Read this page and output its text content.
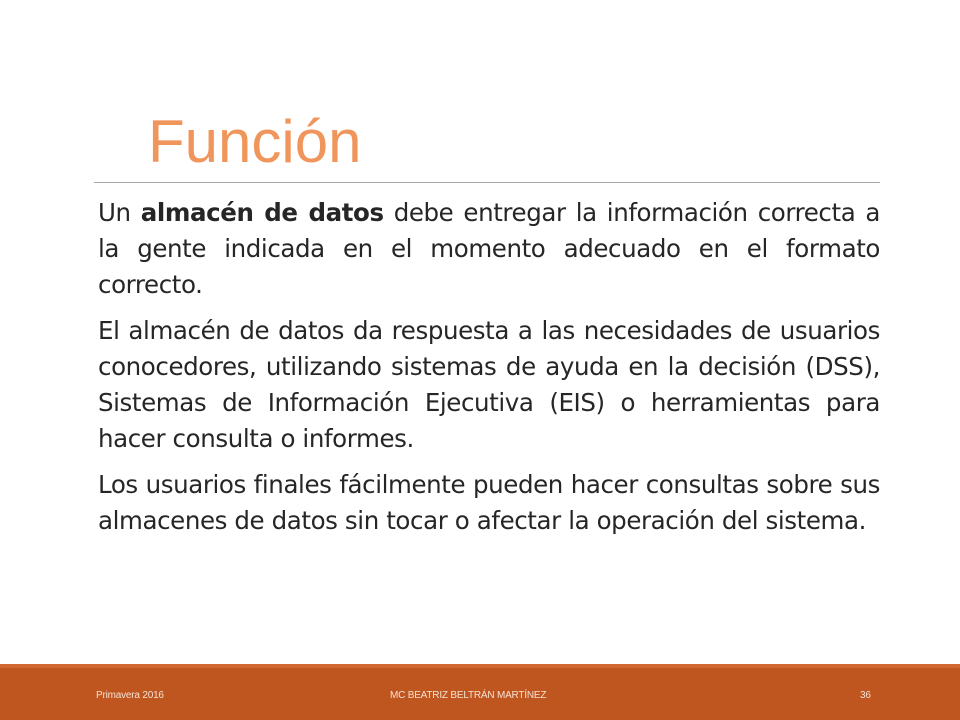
Función

Un almacén de datos debe entregar la información correcta a la gente indicada en el momento adecuado en el formato correcto.

El almacén de datos da respuesta a las necesidades de usuarios conocedores, utilizando sistemas de ayuda en la decisión (DSS), Sistemas de Información Ejecutiva (EIS) o herramientas para hacer consulta o informes.

Los usuarios finales fácilmente pueden hacer consultas sobre sus almacenes de datos sin tocar o afectar la operación del sistema.

Primavera 2016	MC BEATRIZ BELTRÁN MARTÍNEZ	36
